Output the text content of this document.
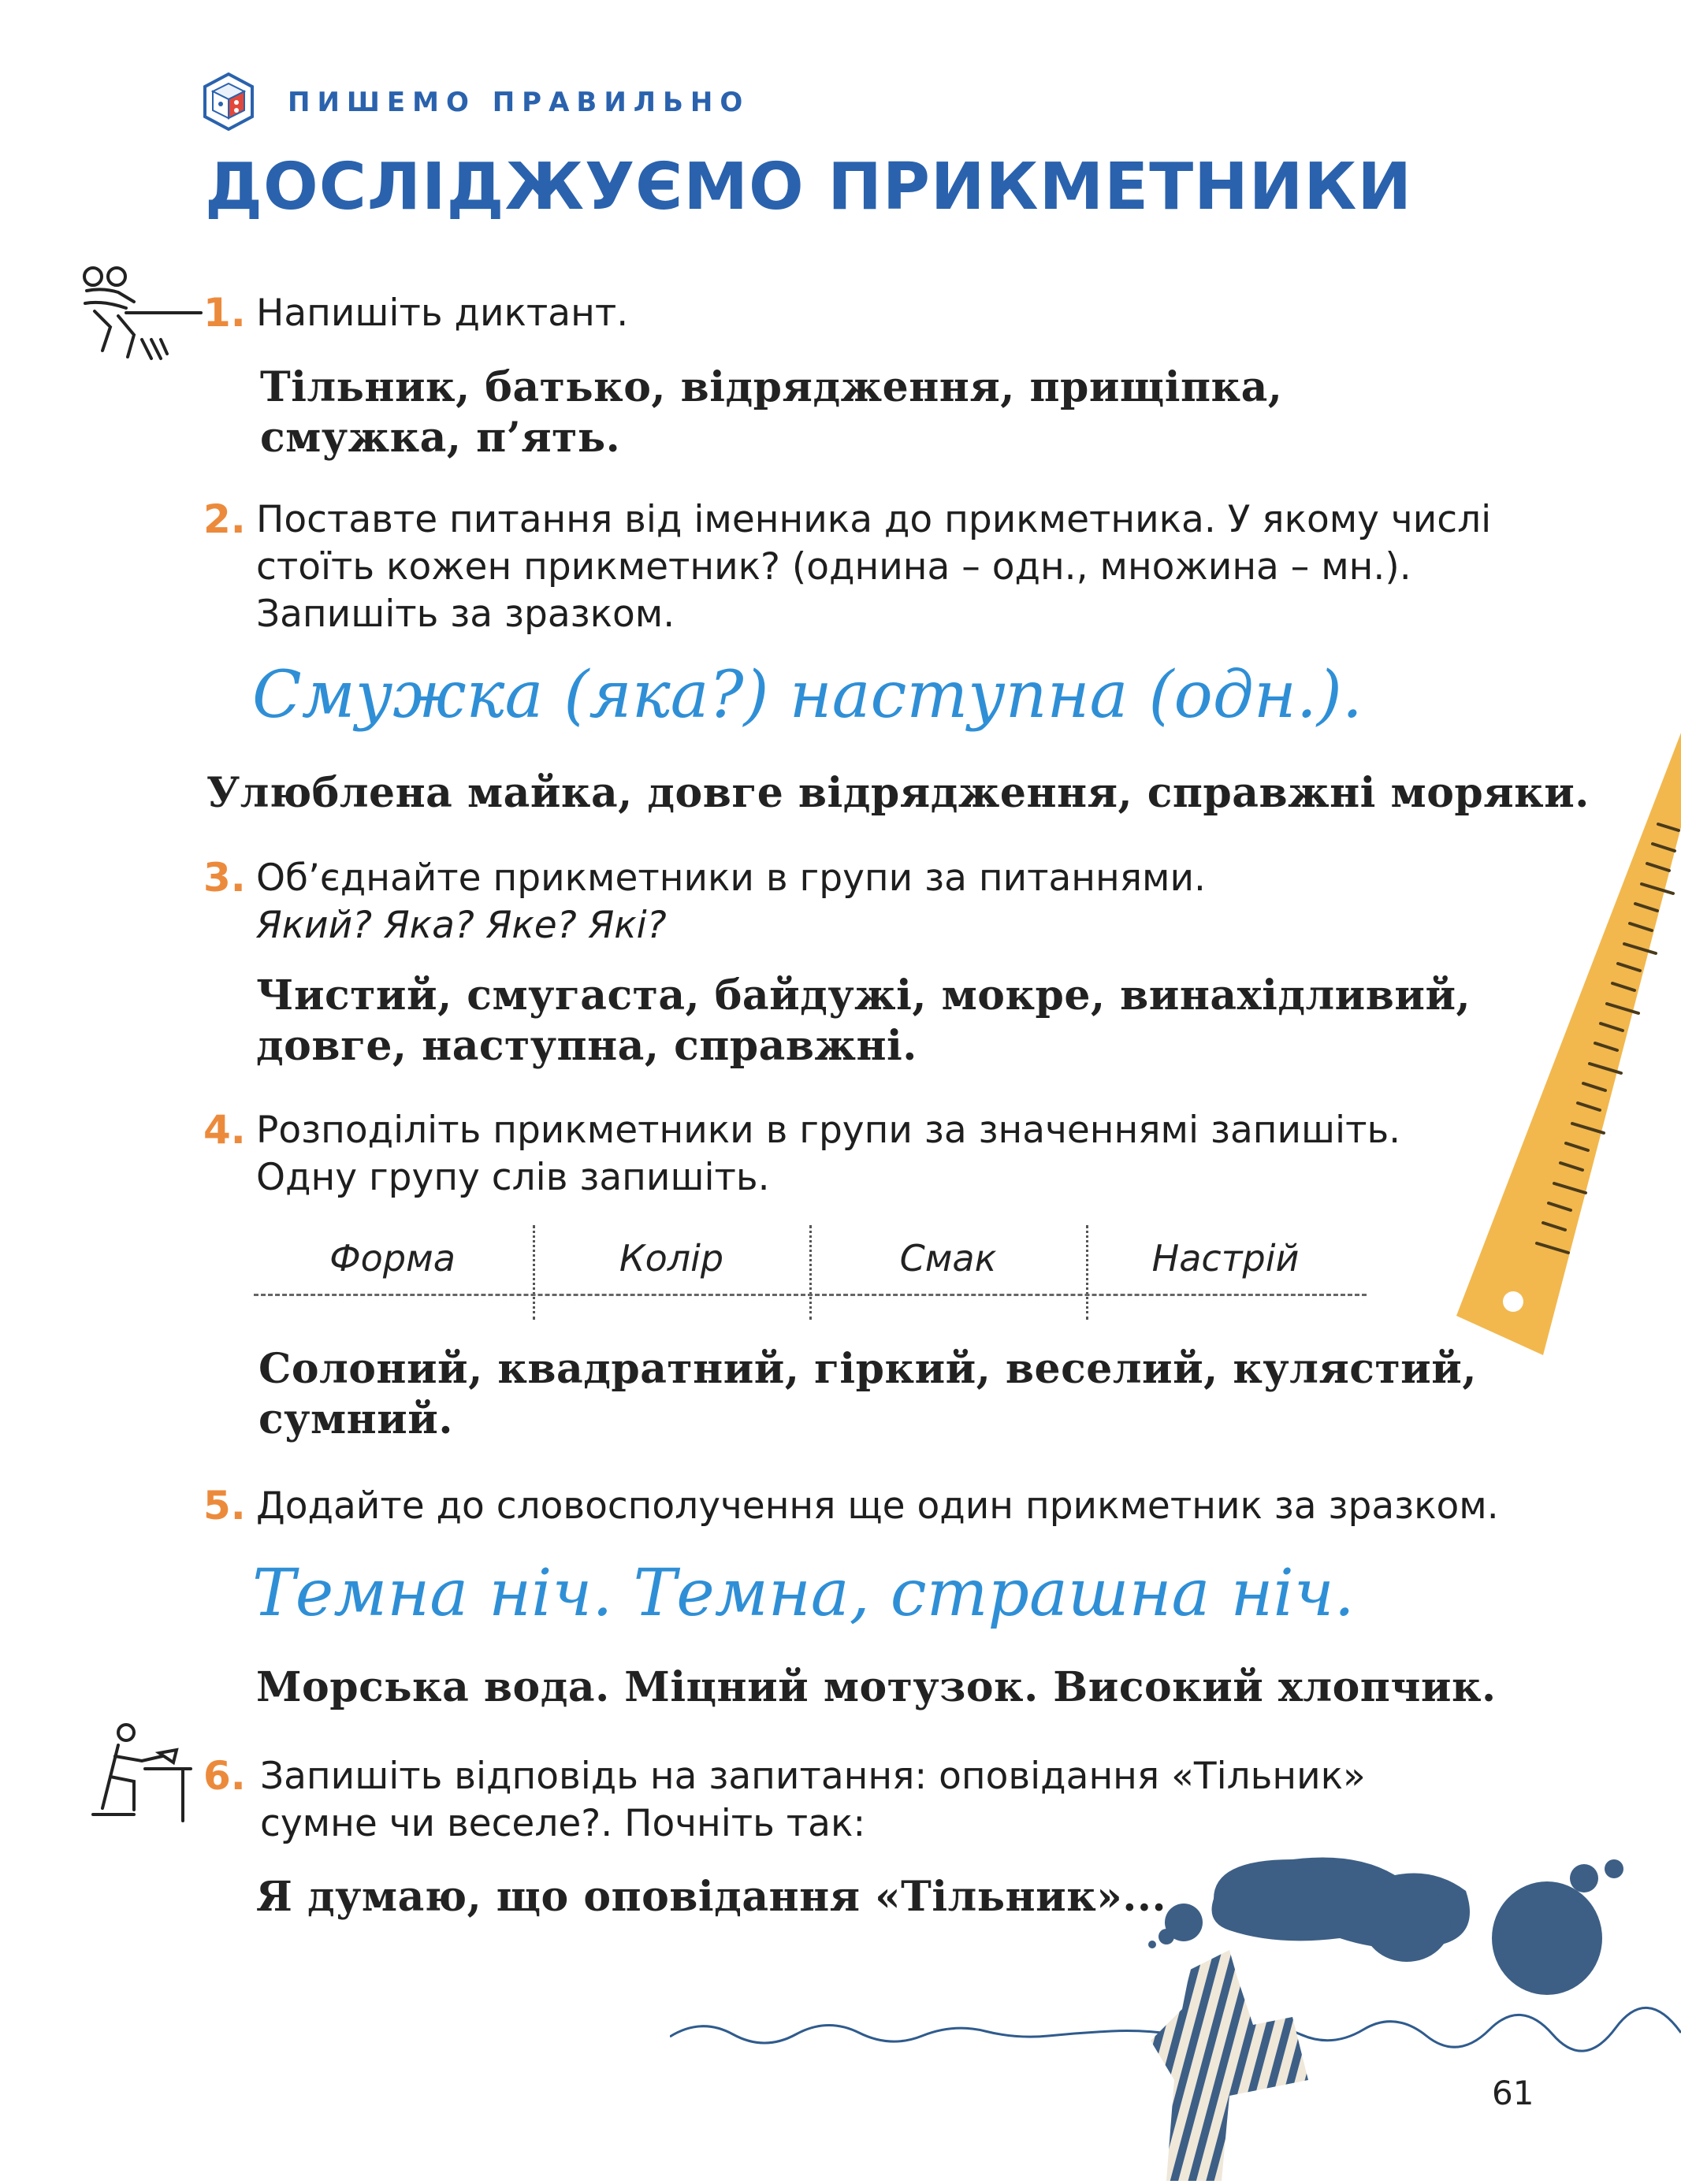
ПИШЕМО ПРАВИЛЬНО
ДОСЛІДЖУЄМО ПРИКМЕТНИКИ
1. Напишіть диктант.
Тільник, батько, відрядження, прищіпка,
смужка, п’ять.
2. Поставте питання від іменника до прикметника. У якому числі
стоїть кожен прикметник? (однина – одн., множина – мн.).
Запишіть за зразком.
Смужка (яка?) наступна (одн.).
Улюблена майка, довге відрядження, справжні моряки.
3. Об’єднайте прикметники в групи за питаннями.
Який? Яка? Яке? Які?
Чистий, смугаста, байдужі, мокре, винахідливий,
довге, наступна, справжні.
4. Розподіліть прикметники в групи за значеннямі запишіть.
Одну групу слів запишіть.
Форма	Колір	Смак	Настрій
Солоний, квадратний, гіркий, веселий, кулястий,
сумний.
5. Додайте до словосполучення ще один прикметник за зразком.
Темна ніч. Темна, страшна ніч.
Морська вода. Міцний мотузок. Високий хлопчик.
6. Запишіть відповідь на запитання: оповідання «Тільник»
сумне чи веселе?. Почніть так:
Я думаю, що оповідання «Тільник»...
61
